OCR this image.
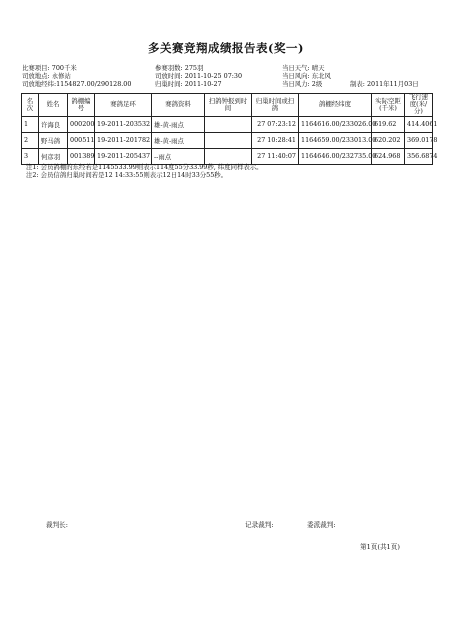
多关赛竞翔成绩报告表(奖一)
比赛项目: 700千米	参赛羽数: 275羽	当日天气: 晴天
司放地点: 永修站	司放时间: 2011-10-25 07:30	当日风向: 东北风
司放地经纬:1154827.00/290128.00	归巢时间: 2011-10-27	当日风力: 2级	制表: 2011年11月03日
名次	姓名	鸽棚编号	赛鸽足环	赛鸽资料	扫鸽钟报到时间	归巢时间或扫鸽	鸽棚经纬度	实际空距(千米)	飞行速度(米/分)
1	许海良	000200	19-2011-203532	雄-黄-雨点		27 07:23:12	1164616.00/233026.00	619.62	414.4061
2	野马鸽	000511	19-2011-201782	雄-黄-雨点		27 10:28:41	1164659.00/233013.00	620.202	369.0178
3	何彦羽	001389	19-2011-205437	--雨点		27 11:40:07	1164646.00/232735.00	624.968	356.6874
注1: 会员鸽棚的东经若是1145533.99则表示114度55分33.99秒, 纬度同样表示。
注2: 会员信鸽归巢时间若是12 14:33:55则表示12日14时33分55秒。
裁判长:	记录裁判:	委派裁判:
第1页(共1页)
